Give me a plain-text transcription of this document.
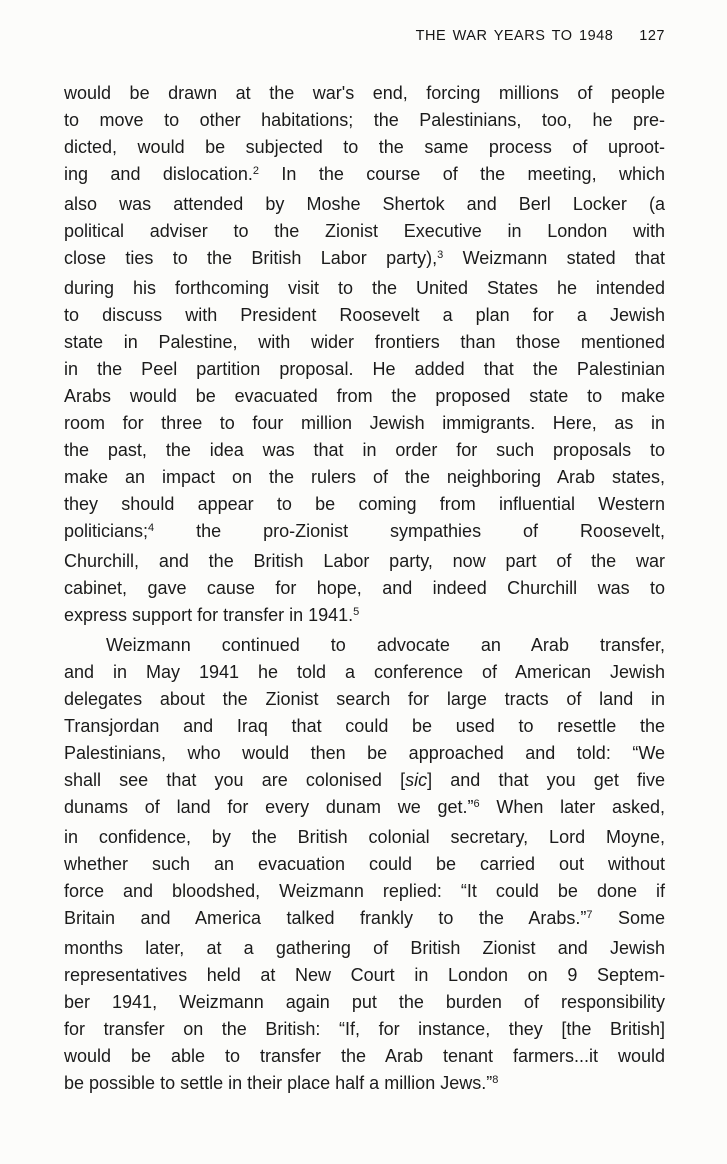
THE WAR YEARS TO 1948 127
would be drawn at the war's end, forcing millions of people
to move to other habitations; the Palestinians, too, he pre-
dicted, would be subjected to the same process of uproot-
ing and dislocation.$^2$ In the course of the meeting, which
also was attended by Moshe Shertok and Berl Locker (a
political adviser to the Zionist Executive in London with
close ties to the British Labor party),$^3$ Weizmann stated that
during his forthcoming visit to the United States he intended
to discuss with President Roosevelt a plan for a Jewish
state in Palestine, with wider frontiers than those mentioned
in the Peel partition proposal. He added that the Palestinian
Arabs would be evacuated from the proposed state to make
room for three to four million Jewish immigrants. Here, as in
the past, the idea was that in order for such proposals to
make an impact on the rulers of the neighboring Arab states,
they should appear to be coming from influential Western
politicians;$^4$ the pro-Zionist sympathies of Roosevelt,
Churchill, and the British Labor party, now part of the war
cabinet, gave cause for hope, and indeed Churchill was to
express support for transfer in 1941.$^5$
Weizmann continued to advocate an Arab transfer,
and in May 1941 he told a conference of American Jewish
delegates about the Zionist search for large tracts of land in
Transjordan and Iraq that could be used to resettle the
Palestinians, who would then be approached and told: “We
shall see that you are colonised [sic] and that you get five
dunams of land for every dunam we get.”$^6$ When later asked,
in confidence, by the British colonial secretary, Lord Moyne,
whether such an evacuation could be carried out without
force and bloodshed, Weizmann replied: “It could be done if
Britain and America talked frankly to the Arabs.”$^7$ Some
months later, at a gathering of British Zionist and Jewish
representatives held at New Court in London on 9 Septem-
ber 1941, Weizmann again put the burden of responsibility
for transfer on the British: “If, for instance, they [the British]
would be able to transfer the Arab tenant farmers...it would
be possible to settle in their place half a million Jews.”$^8$
